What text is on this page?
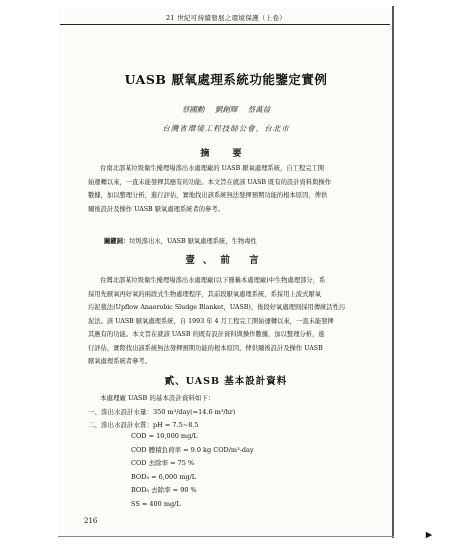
21 世紀可持續發展之環境保護（上卷）
UASB 厭氧處理系統功能鑒定實例
蔡國勳 劉創輝 蔡萬益
台灣省環境工程技師公會，台北市
摘 要
台南北部某垃圾衛生掩埋場滲出水處理廠的 UASB 厭氧處理系統，自工程完工開
始運轉以來，一直未能發揮其應有的功能。本文旨在就該 UASB 既有的設計資料與操作
數據，加以整理分析，進行評估，實地找出該系統無法發揮預期功能的根本原因，俾供
爾後設計及操作 UASB 厭氧處理系統者的參考。
關鍵詞：垃圾滲出水，UASB 厭氧處理系統，生物毒性
壹、前 言
台灣北部某垃圾衛生掩埋場滲出水處理廠(以下簡稱本處理廠)中生物處理部分，系
採用先厭氧再好氧的兩段式生物處理程序，其前段厭氧處理系統，系採用上流式厭氧
污泥毯法(Upflow Anaerobic Sludge Blanket，UASB)，後段好氧處理則採用傳統活性污
泥法。該 UASB 厭氧處理系統，自 1993 年 4 月工程完工開始運轉以來，一直未能發揮
其應有的功能。本文旨在就該 UASB 的既有設計資料與操作數據，加以整理分析，進
行評估，實際找出該系統無法發揮預期功能的根本原因，俾供爾後設計及操作 UASB
厭氧處理系統者參考。
貳、UASB 基本設計資料
本處理廠 UASB 的基本設計資料如下：
一、滲出水設計水量：350 m³/day(=14.6 m³/hr)
二、滲出水設計水質：pH = 7.5~8.5
COD = 10,000 mg/L
COD 體積負荷率 = 9.0 kg COD/m³-day
COD 去除率 = 75 %
BOD₅ = 6,000 mg/L
BOD₅ 去除率 = 90 %
SS = 400 mg/L
216
